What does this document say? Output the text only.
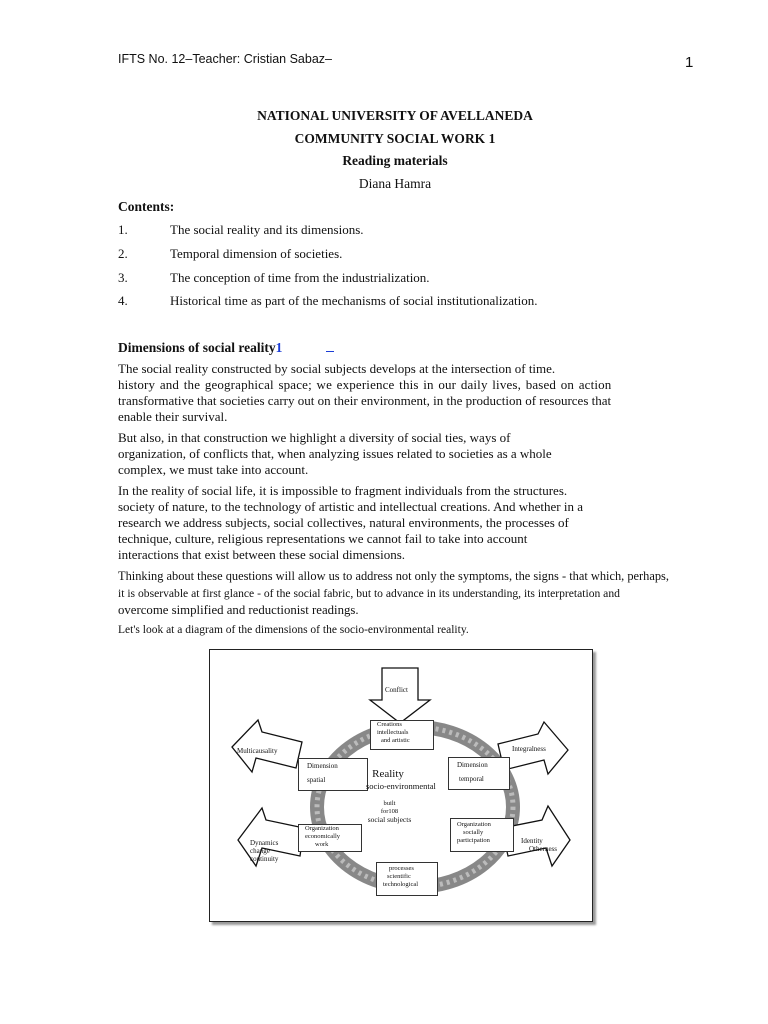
IFTS No. 12–Teacher: Cristian Sabaz–	1
NATIONAL UNIVERSITY OF AVELLANEDA
COMMUNITY SOCIAL WORK 1
Reading materials
Diana Hamra
Contents:
1.	The social reality and its dimensions.
2.	Temporal dimension of societies.
3.	The conception of time from the industrialization.
4.	Historical time as part of the mechanisms of social institutionalization.
Dimensions of social reality1
The social reality constructed by social subjects develops at the intersection of time.
history and the geographical space; we experience this in our daily lives, based on action
transformative that societies carry out on their environment, in the production of resources that
enable their survival.
But also, in that construction we highlight a diversity of social ties, ways of
organization, of conflicts that, when analyzing issues related to societies as a whole
complex, we must take into account.
In the reality of social life, it is impossible to fragment individuals from the structures.
society of nature, to the technology of artistic and intellectual creations. And whether in a
research we address subjects, social collectives, natural environments, the processes of
technique, culture, religious representations we cannot fail to take into account
interactions that exist between these social dimensions.
Thinking about these questions will allow us to address not only the symptoms, the signs - that which, perhaps,
it is observable at first glance - of the social fabric, but to advance in its understanding, its interpretation and
overcome simplified and reductionist readings.
Let's look at a diagram of the dimensions of the socio-environmental reality.
Conflict
Multicausality	Integralness
Dynamics
change
continuity
Identity
Otherness
Creations
intellectuals
and artistic
Dimension
spatial
Dimension
temporal
Organization
economically
work
Organization
socially
participation
processes
scientific
technological
Reality
socio-environmental
built
for108
social subjects
